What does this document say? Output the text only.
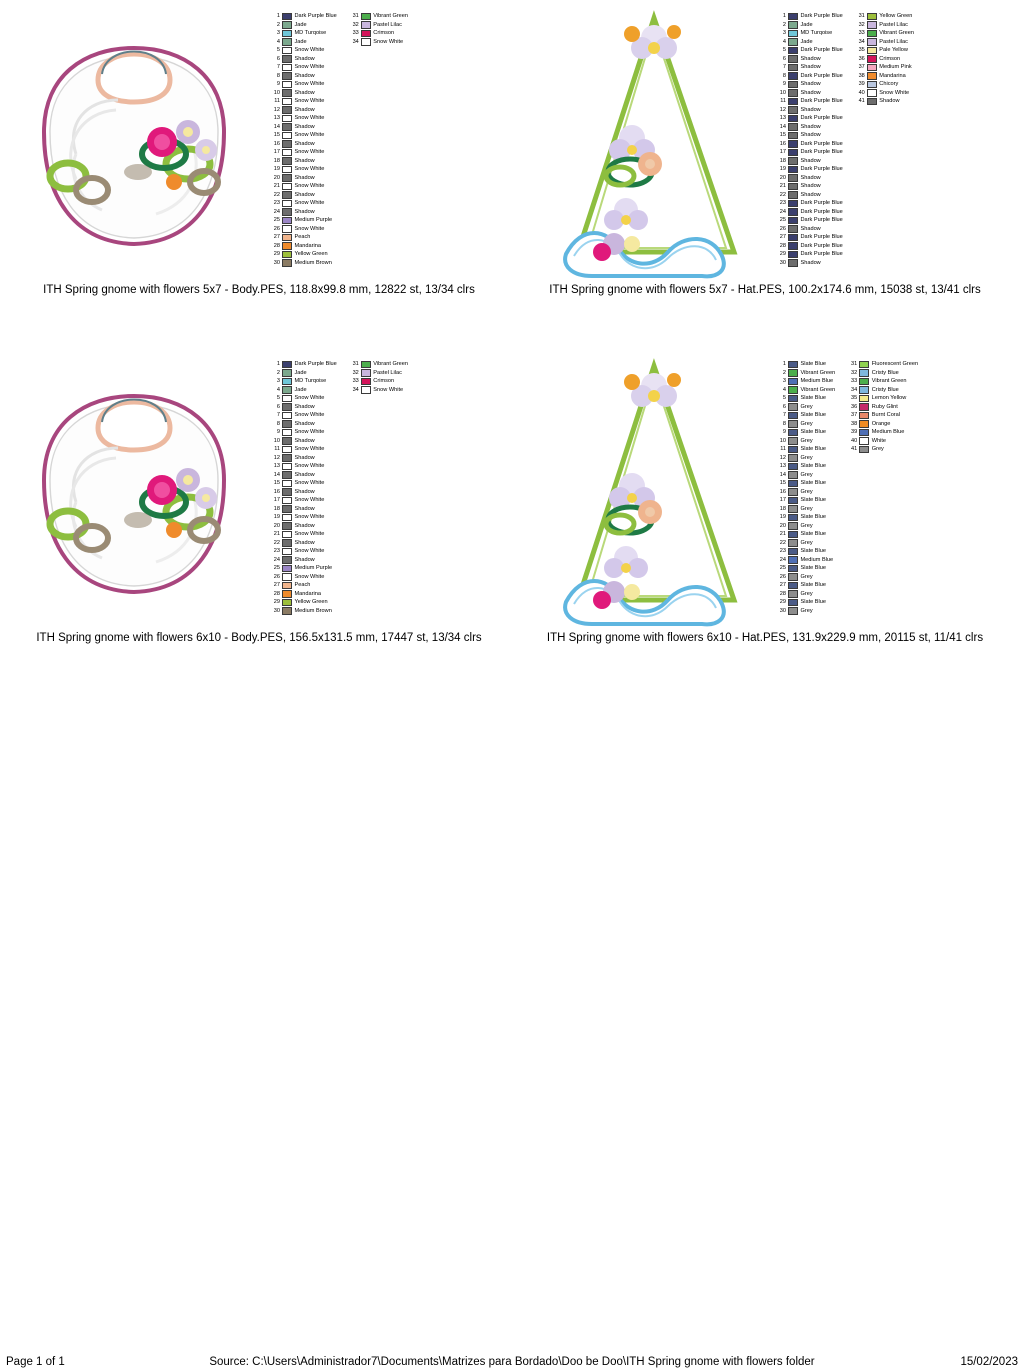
1	Dark Purple Blue
2	Jade
3	MD Turqoise
4	Jade
5	Snow White
6	Shadow
7	Snow White
8	Shadow
9	Snow White
10	Shadow
11	Snow White
12	Shadow
13	Snow White
14	Shadow
15	Snow White
16	Shadow
17	Snow White
18	Shadow
19	Snow White
20	Shadow
21	Snow White
22	Shadow
23	Snow White
24	Shadow
25	Medium Purple
26	Snow White
27	Peach
28	Mandarina
29	Yellow Green
30	Medium Brown
31	Vibrant Green
32	Pastel Lilac
33	Crimson
34	Snow White
ITH Spring gnome with flowers 5x7 - Body.PES, 118.8x99.8 mm, 12822 st, 13/34 clrs
1	Dark Purple Blue
2	Jade
3	MD Turqoise
4	Jade
5	Dark Purple Blue
6	Shadow
7	Shadow
8	Dark Purple Blue
9	Shadow
10	Shadow
11	Dark Purple Blue
12	Shadow
13	Dark Purple Blue
14	Shadow
15	Shadow
16	Dark Purple Blue
17	Dark Purple Blue
18	Shadow
19	Dark Purple Blue
20	Shadow
21	Shadow
22	Shadow
23	Dark Purple Blue
24	Dark Purple Blue
25	Dark Purple Blue
26	Shadow
27	Dark Purple Blue
28	Dark Purple Blue
29	Dark Purple Blue
30	Shadow
31	Yellow Green
32	Pastel Lilac
33	Vibrant Green
34	Pastel Lilac
35	Pale Yellow
36	Crimson
37	Medium Pink
38	Mandarina
39	Chicory
40	Snow White
41	Shadow
ITH Spring gnome with flowers 5x7 - Hat.PES, 100.2x174.6 mm, 15038 st, 13/41 clrs
1	Dark Purple Blue
2	Jade
3	MD Turqoise
4	Jade
5	Snow White
6	Shadow
7	Snow White
8	Shadow
9	Snow White
10	Shadow
11	Snow White
12	Shadow
13	Snow White
14	Shadow
15	Snow White
16	Shadow
17	Snow White
18	Shadow
19	Snow White
20	Shadow
21	Snow White
22	Shadow
23	Snow White
24	Shadow
25	Medium Purple
26	Snow White
27	Peach
28	Mandarina
29	Yellow Green
30	Medium Brown
31	Vibrant Green
32	Pastel Lilac
33	Crimson
34	Snow White
ITH Spring gnome with flowers 6x10 - Body.PES, 156.5x131.5 mm, 17447 st, 13/34 clrs
1	Slate Blue
2	Vibrant Green
3	Medium Blue
4	Vibrant Green
5	Slate Blue
6	Grey
7	Slate Blue
8	Grey
9	Slate Blue
10	Grey
11	Slate Blue
12	Grey
13	Slate Blue
14	Grey
15	Slate Blue
16	Grey
17	Slate Blue
18	Grey
19	Slate Blue
20	Grey
21	Slate Blue
22	Grey
23	Slate Blue
24	Medium Blue
25	Slate Blue
26	Grey
27	Slate Blue
28	Grey
29	Slate Blue
30	Grey
31	Fluorescent Green
32	Cristy Blue
33	Vibrant Green
34	Cristy Blue
35	Lemon Yellow
36	Ruby Glint
37	Burnt Coral
38	Orange
39	Medium Blue
40	White
41	Grey
ITH Spring gnome with flowers 6x10 - Hat.PES, 131.9x229.9 mm, 20115 st, 11/41 clrs
Page 1 of 1	Source: C:\Users\Administrador7\Documents\Matrizes para Bordado\Doo be Doo\ITH Spring gnome with flowers folder	15/02/2023
